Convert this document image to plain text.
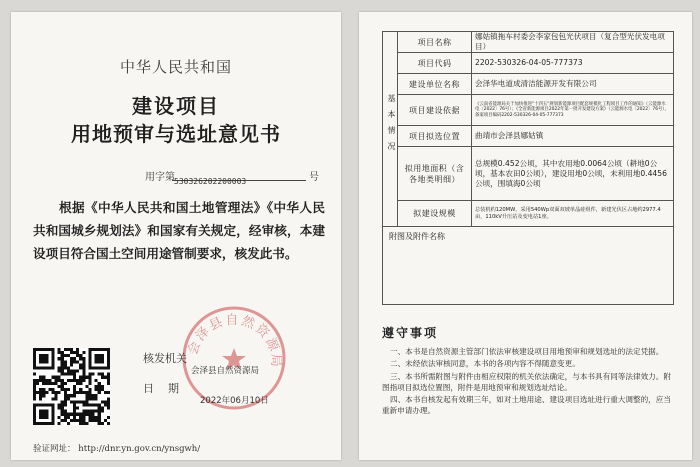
中华人民共和国
建设项目
用地预审与选址意见书
用字第 530326202200003	号
根据《中华人民共和国土地管理法》《中华人民共和国城乡规划法》和国家有关规定，经审核，本建设项目符合国土空间用途管制要求，核发此书。
会泽县自然资源局
核发机关
会泽县自然资源局
日期
2022年06月10日
验证网址： http://dnr.yn.gov.cn/ynsgwh/
基本情况	项目名称	娜姑镇拖车村委会李家包包光伏项目（复合型光伏发电项目）
	项目代码	2202-530326-04-05-777373
	建设单位名称	会泽华电道成清洁能源开发有限公司
	项目建设依据	《云南省能源局关于加快推进"十四五"规划新能源项目配套规模化工程项目工作的通知》（云能源水电〔2022〕76号）；《全省新能源项目2022年第一批开发建设方案》（云能源水电〔2022〕76号），备案项目编码2202-530326-04-05-777373
	项目拟选位置	曲靖市会泽县娜姑镇
	拟用地面积（含各地类明细）	总规模0.452公顷，其中农用地0.0064公顷（耕地0公顷，基本农田0公顷），建设用地0公顷，未利用地0.4456公顷，围填海0公顷
	拟建设规模	总装机约120MW，采用540Wp双面双玻单晶硅组件，新建光伏区占地约2977.4亩，110kV升压站及变电站1座。
附图及附件名称		
遵守事项
一、本书是自然资源主管部门依法审核建设项目用地预审和规划选址的法定凭据。
二、未经依法审核同意，本书的各项内容不得随意变更。
三、本书所需附图与附件由相应权限的机关依法确定，与本书具有同等法律效力。附图指项目拟选位置图，附件是用地预审和规划选址结论。
四、本书自核发起有效期三年，如对土地用途、建设项目选址进行重大调整的，应当重新申请办理。
